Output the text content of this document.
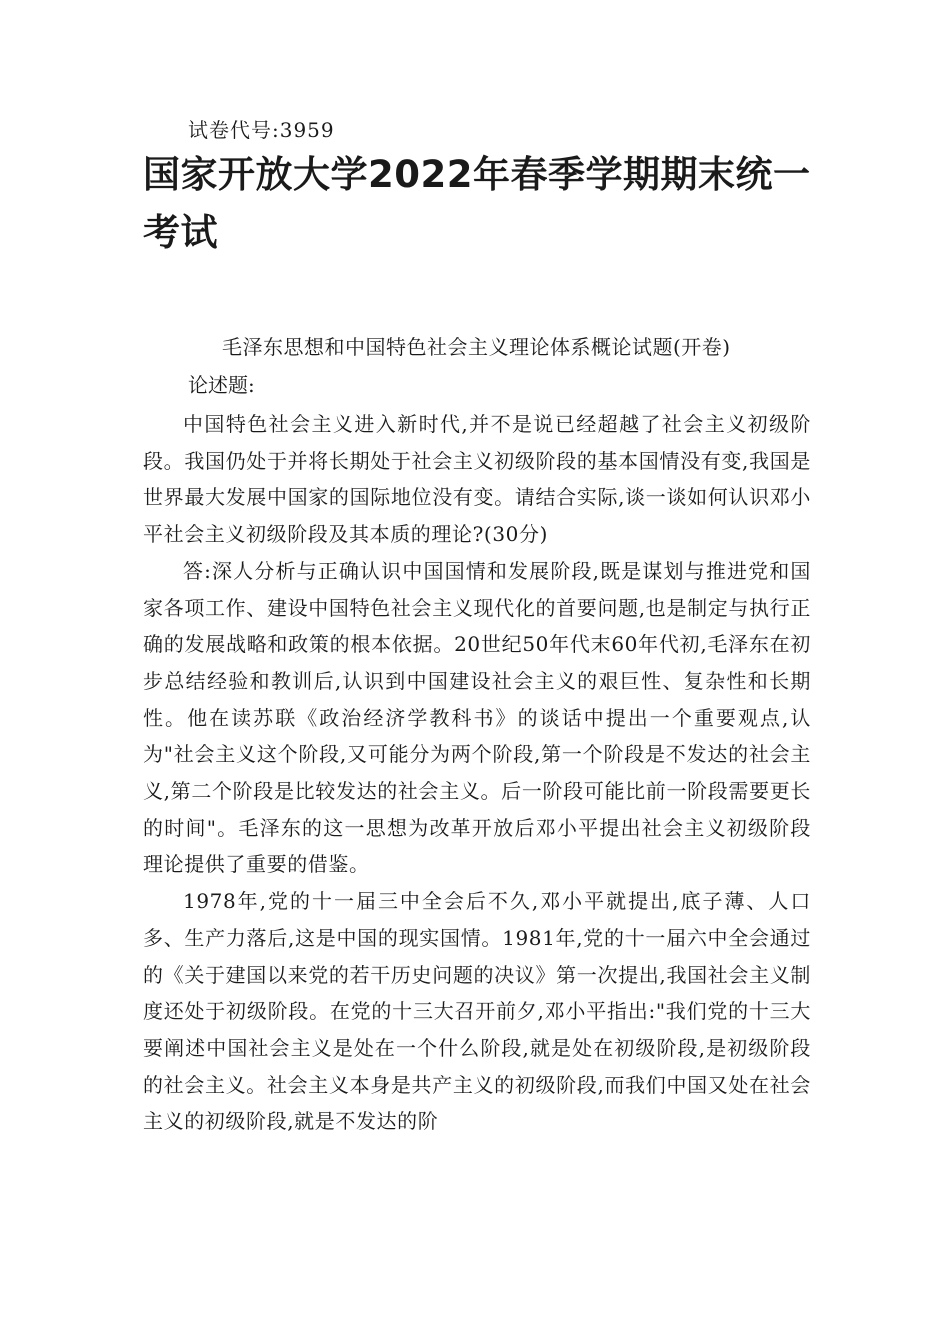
试卷代号:3959
国家开放大学2022年春季学期期末统一考试
毛泽东思想和中国特色社会主义理论体系概论试题(开卷)
论述题:

中国特色社会主义进入新时代,并不是说已经超越了社会主义初级阶段。我国仍处于并将长期处于社会主义初级阶段的基本国情没有变,我国是世界最大发展中国家的国际地位没有变。请结合实际,谈一谈如何认识邓小平社会主义初级阶段及其本质的理论?(30分)

答:深人分析与正确认识中国国情和发展阶段,既是谋划与推进党和国家各项工作、建设中国特色社会主义现代化的首要问题,也是制定与执行正确的发展战略和政策的根本依据。20世纪50年代末60年代初,毛泽东在初步总结经验和教训后,认识到中国建设社会主义的艰巨性、复杂性和长期性。他在读苏联《政治经济学教科书》的谈话中提出一个重要观点,认为"社会主义这个阶段,又可能分为两个阶段,第一个阶段是不发达的社会主义,第二个阶段是比较发达的社会主义。后一阶段可能比前一阶段需要更长的时间"。毛泽东的这一思想为改革开放后邓小平提出社会主义初级阶段理论提供了重要的借鉴。

1978年,党的十一届三中全会后不久,邓小平就提出,底子薄、人口多、生产力落后,这是中国的现实国情。1981年,党的十一届六中全会通过的《关于建国以来党的若干历史问题的决议》第一次提出,我国社会主义制度还处于初级阶段。在党的十三大召开前夕,邓小平指出:"我们党的十三大要阐述中国社会主义是处在一个什么阶段,就是处在初级阶段,是初级阶段的社会主义。社会主义本身是共产主义的初级阶段,而我们中国又处在社会主义的初级阶段,就是不发达的阶
